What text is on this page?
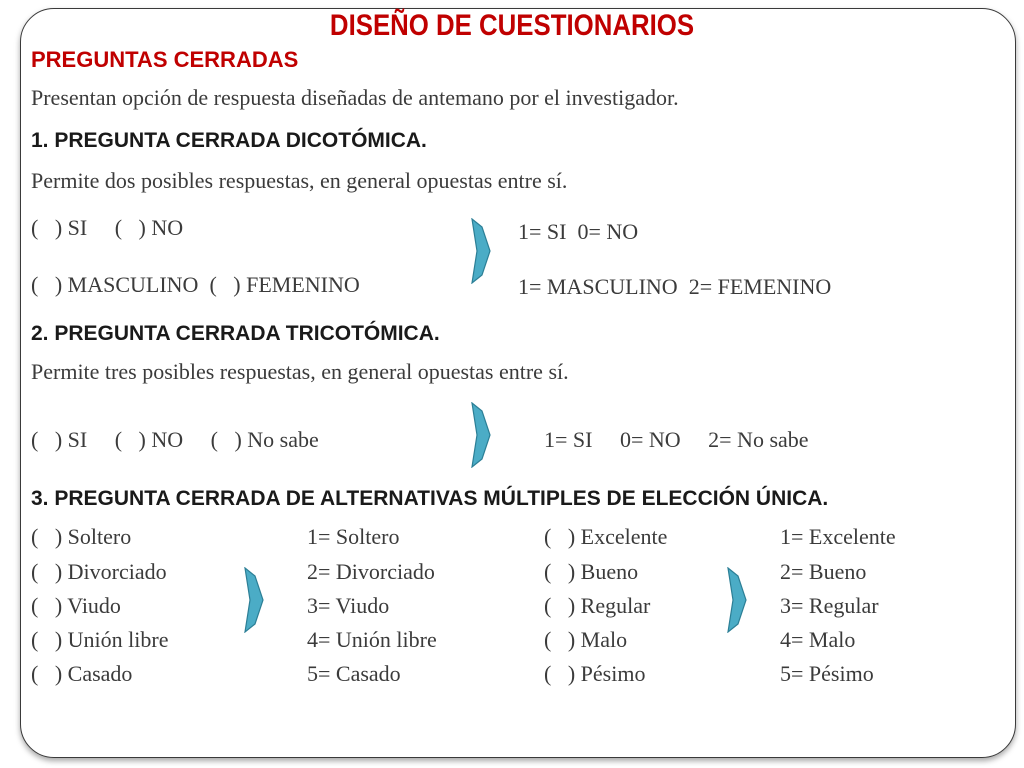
DISEÑO DE CUESTIONARIOS
PREGUNTAS CERRADAS
Presentan opción de respuesta diseñadas de antemano por el investigador.
1. PREGUNTA CERRADA DICOTÓMICA.
Permite dos posibles respuestas, en general opuestas entre sí.
(   ) SI     (   ) NO
(   ) MASCULINO  (   ) FEMENINO
1= SI  0= NO
1= MASCULINO  2= FEMENINO
2. PREGUNTA CERRADA TRICOTÓMICA.
Permite tres posibles respuestas, en general opuestas entre sí.
(   ) SI     (   ) NO     (   ) No sabe	1= SI     0= NO     2= No sabe
3. PREGUNTA CERRADA DE ALTERNATIVAS MÚLTIPLES DE ELECCIÓN ÚNICA.
(   ) Soltero
(   ) Divorciado
(   ) Viudo
(   ) Unión libre
(   ) Casado
1= Soltero
2= Divorciado
3= Viudo
4= Unión libre
5= Casado
(   ) Excelente
(   ) Bueno
(   ) Regular
(   ) Malo
(   ) Pésimo
1= Excelente
2= Bueno
3= Regular
4= Malo
5= Pésimo
